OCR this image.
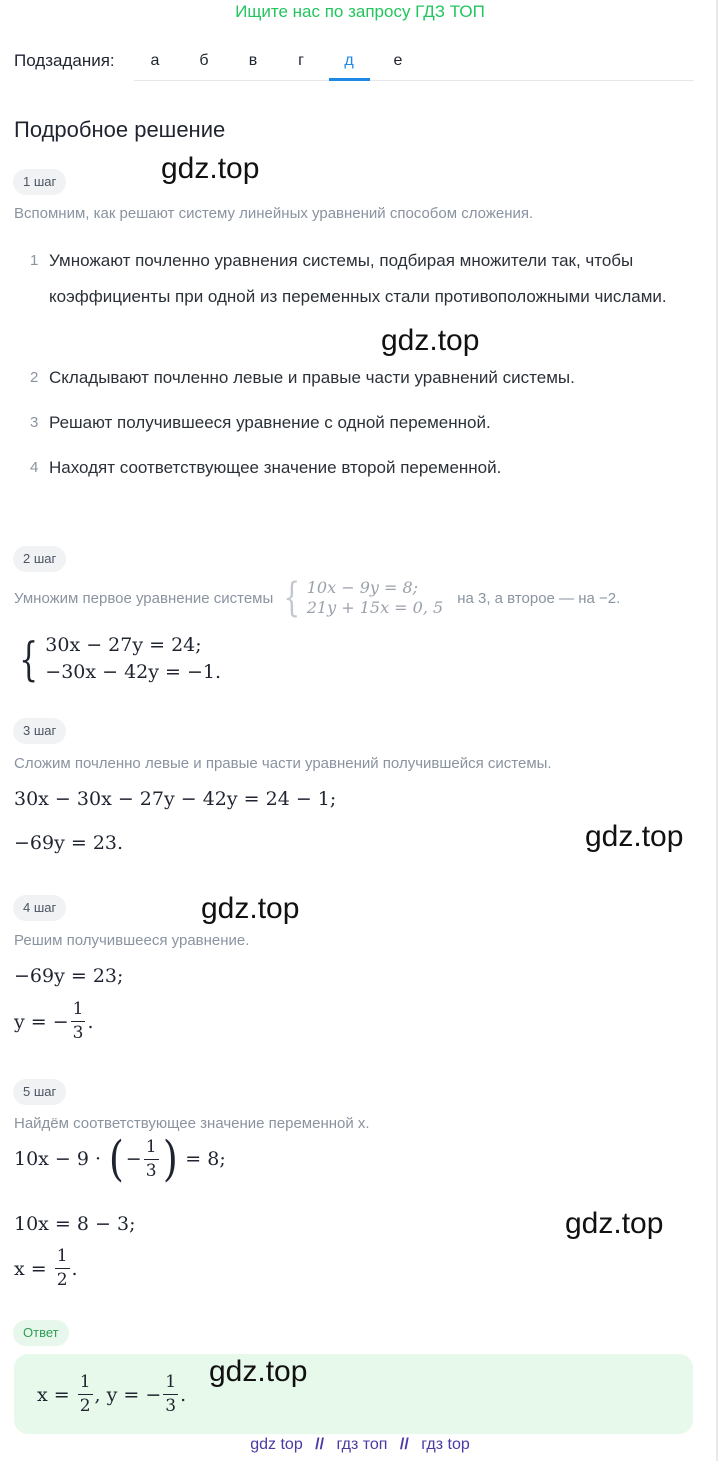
Ищите нас по запросу ГДЗ ТОП
Подзадания:	а	б	в	г	д	е
Подробное решение
1 шаг
Вспомним, как решают систему линейных уравнений способом сложения.
1 Умножают почленно уравнения системы, подбирая множители так, чтобы коэффициенты при одной из переменных стали противоположными числами.
2 Складывают почленно левые и правые части уравнений системы.
3 Решают получившееся уравнение с одной переменной.
4 Находят соответствующее значение второй переменной.
2 шаг
Умножим первое уравнение системы { 10x − 9y = 8;
21y + 15x = 0, 5 на 3, а второе — на −2.
{ 30x − 27y = 24;
−30x − 42y = −1.
3 шаг
Сложим почленно левые и правые части уравнений получившейся системы.
30x − 30x − 27y − 42y = 24 − 1;
−69y = 23.
4 шаг
Решим получившееся уравнение.
−69y = 23;
y = − $\frac{1}{3}$ .
5 шаг
Найдём соответствующее значение переменной x.
10x − 9 · ( − $\frac{1}{3}$ ) = 8;
10x = 8 − 3;
$x = \frac{1}{2}$ .
Ответ
$x = \frac{1}{2}$ , y = − $\frac{1}{3}$ .
gdz.top
gdz.top
gdz.top
gdz.top
gdz.top
gdz.top
gdz top // гдз топ // гдз top
